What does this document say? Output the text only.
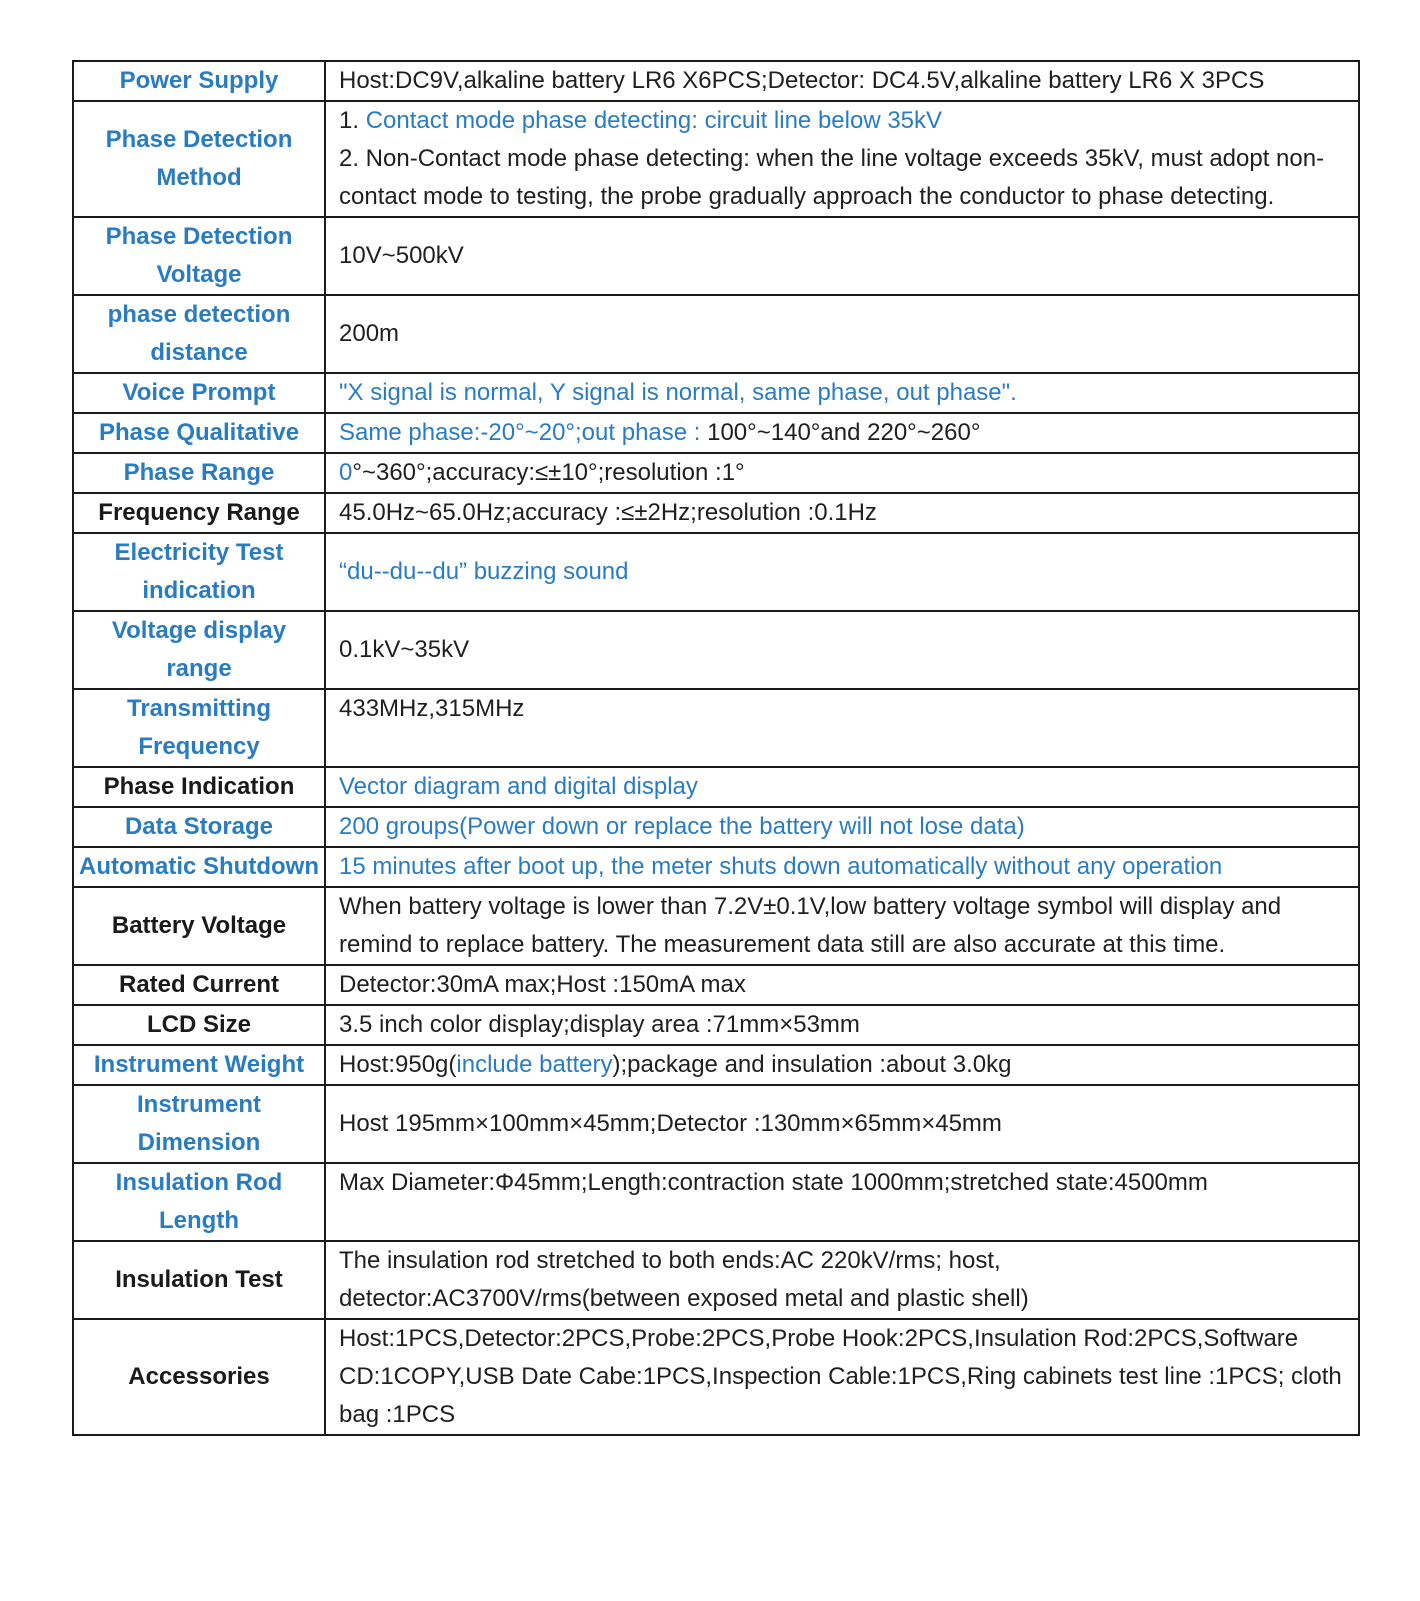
Power Supply	Host:DC9V,alkaline battery LR6 X6PCS;Detector: DC4.5V,alkaline battery LR6 X 3PCS

Phase Detection Method	1. Contact mode phase detecting: circuit line below 35kV
2. Non-Contact mode phase detecting: when the line voltage exceeds 35kV, must adopt non-contact mode to testing, the probe gradually approach the conductor to phase detecting.

Phase Detection Voltage	10V~500kV

phase detection distance	200m

Voice Prompt	"X signal is normal, Y signal is normal, same phase, out phase".

Phase Qualitative	Same phase:-20°~20°;out phase : 100°~140°and 220°~260°

Phase Range	0°~360°;accuracy:≤±10°;resolution :1°

Frequency Range	45.0Hz~65.0Hz;accuracy :≤±2Hz;resolution :0.1Hz

Electricity Test indication	“du--du--du” buzzing sound

Voltage display range	0.1kV~35kV

Transmitting Frequency	433MHz,315MHz

Phase Indication	Vector diagram and digital display

Data Storage	200 groups(Power down or replace the battery will not lose data)

Automatic Shutdown	15 minutes after boot up, the meter shuts down automatically without any operation

Battery Voltage	When battery voltage is lower than 7.2V±0.1V,low battery voltage symbol will display and remind to replace battery. The measurement data still are also accurate at this time.

Rated Current	Detector:30mA max;Host :150mA max

LCD Size	3.5 inch color display;display area :71mm×53mm

Instrument Weight	Host:950g(include battery);package and insulation :about 3.0kg

Instrument Dimension	Host 195mm×100mm×45mm;Detector :130mm×65mm×45mm

Insulation Rod Length	Max Diameter:Φ45mm;Length:contraction state 1000mm;stretched state:4500mm

Insulation Test	The insulation rod stretched to both ends:AC 220kV/rms; host, detector:AC3700V/rms(between exposed metal and plastic shell)

Accessories	Host:1PCS,Detector:2PCS,Probe:2PCS,Probe Hook:2PCS,Insulation Rod:2PCS,Software CD:1COPY,USB Date Cabe:1PCS,Inspection Cable:1PCS,Ring cabinets test line :1PCS; cloth bag :1PCS
